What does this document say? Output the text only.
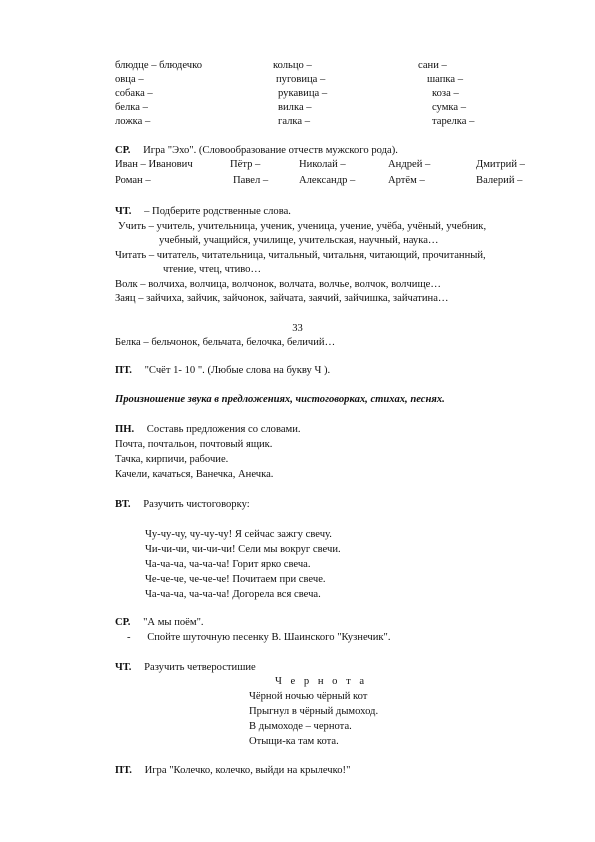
блюдце – блюдечко	кольцо –	сани –
овца –	пуговица –	шапка –
собака –	рукавица –	коза –
белка –	вилка –	сумка –
ложка –	галка –	тарелка –
СР. Игра "Эхо". (Словообразование отчеств мужского рода).
Иван – Иванович	Пётр –	Николай –	Андрей –	Дмитрий –
Роман –	Павел –	Александр –	Артём –	Валерий –
ЧТ. – Подберите родственные слова.
Учить – учитель, учительница, ученик, ученица, учение, учёба, учёный, учебник,
учебный, учащийся, училище, учительская, научный, наука…
Читать – читатель, читательница, читальный, читальня, читающий, прочитанный,
чтение, чтец, чтиво…
Волк – волчиха, волчица, волчонок, волчата, волчье, волчок, волчище…
Заяц – зайчиха, зайчик, зайчонок, зайчата, заячий, зайчишка, зайчатина…
33
Белка – бельчонок, бельчата, белочка, беличий…
ПТ. "Счёт 1- 10 ". (Любые слова на букву Ч ).
Произношение звука в предложениях, чистоговорках, стихах, песнях.
ПН. Составь предложения со словами.
Почта, почтальон, почтовый ящик.
Тачка, кирпичи, рабочие.
Качели, качаться, Ванечка, Анечка.
ВТ. Разучить чистоговорку:
Чу-чу-чу, чу-чу-чу! Я сейчас зажгу свечу.
Чи-чи-чи, чи-чи-чи! Сели мы вокруг свечи.
Ча-ча-ча, ча-ча-ча! Горит ярко свеча.
Че-че-че, че-че-че! Почитаем при свече.
Ча-ча-ча, ча-ча-ча! Догорела вся свеча.
СР. "А мы поём".
- Спойте шуточную песенку В. Шаинского "Кузнечик".
ЧТ. Разучить четверостишие
Ч е р н о т а
Чёрной ночью чёрный кот
Прыгнул в чёрный дымоход.
В дымоходе – чернота.
Отыщи-ка там кота.
ПТ. Игра "Колечко, колечко, выйди на крылечко!"
